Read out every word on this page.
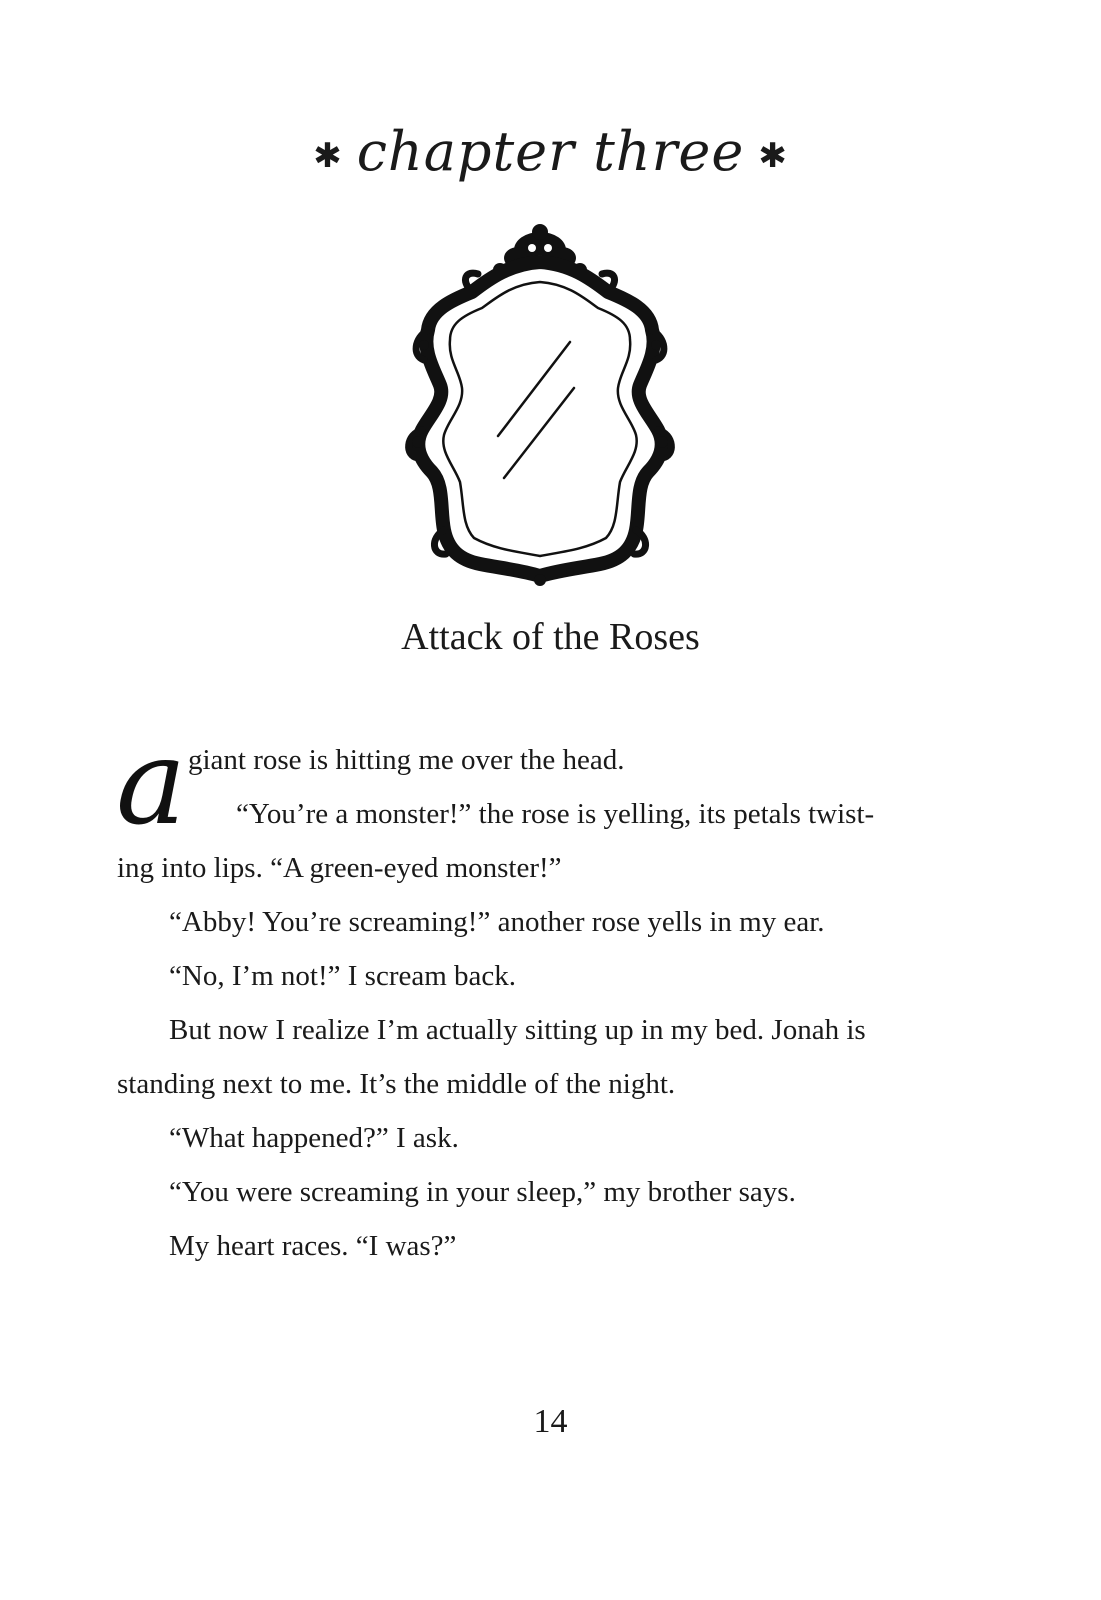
✱ chapter three ✱
Attack of the Roses
a giant rose is hitting me over the head.
“You’re a monster!” the rose is yelling, its petals twist-
ing into lips. “A green-eyed monster!”
“Abby! You’re screaming!” another rose yells in my ear.
“No, I’m not!” I scream back.
But now I realize I’m actually sitting up in my bed. Jonah is
standing next to me. It’s the middle of the night.
“What happened?” I ask.
“You were screaming in your sleep,” my brother says.
My heart races. “I was?”
14
